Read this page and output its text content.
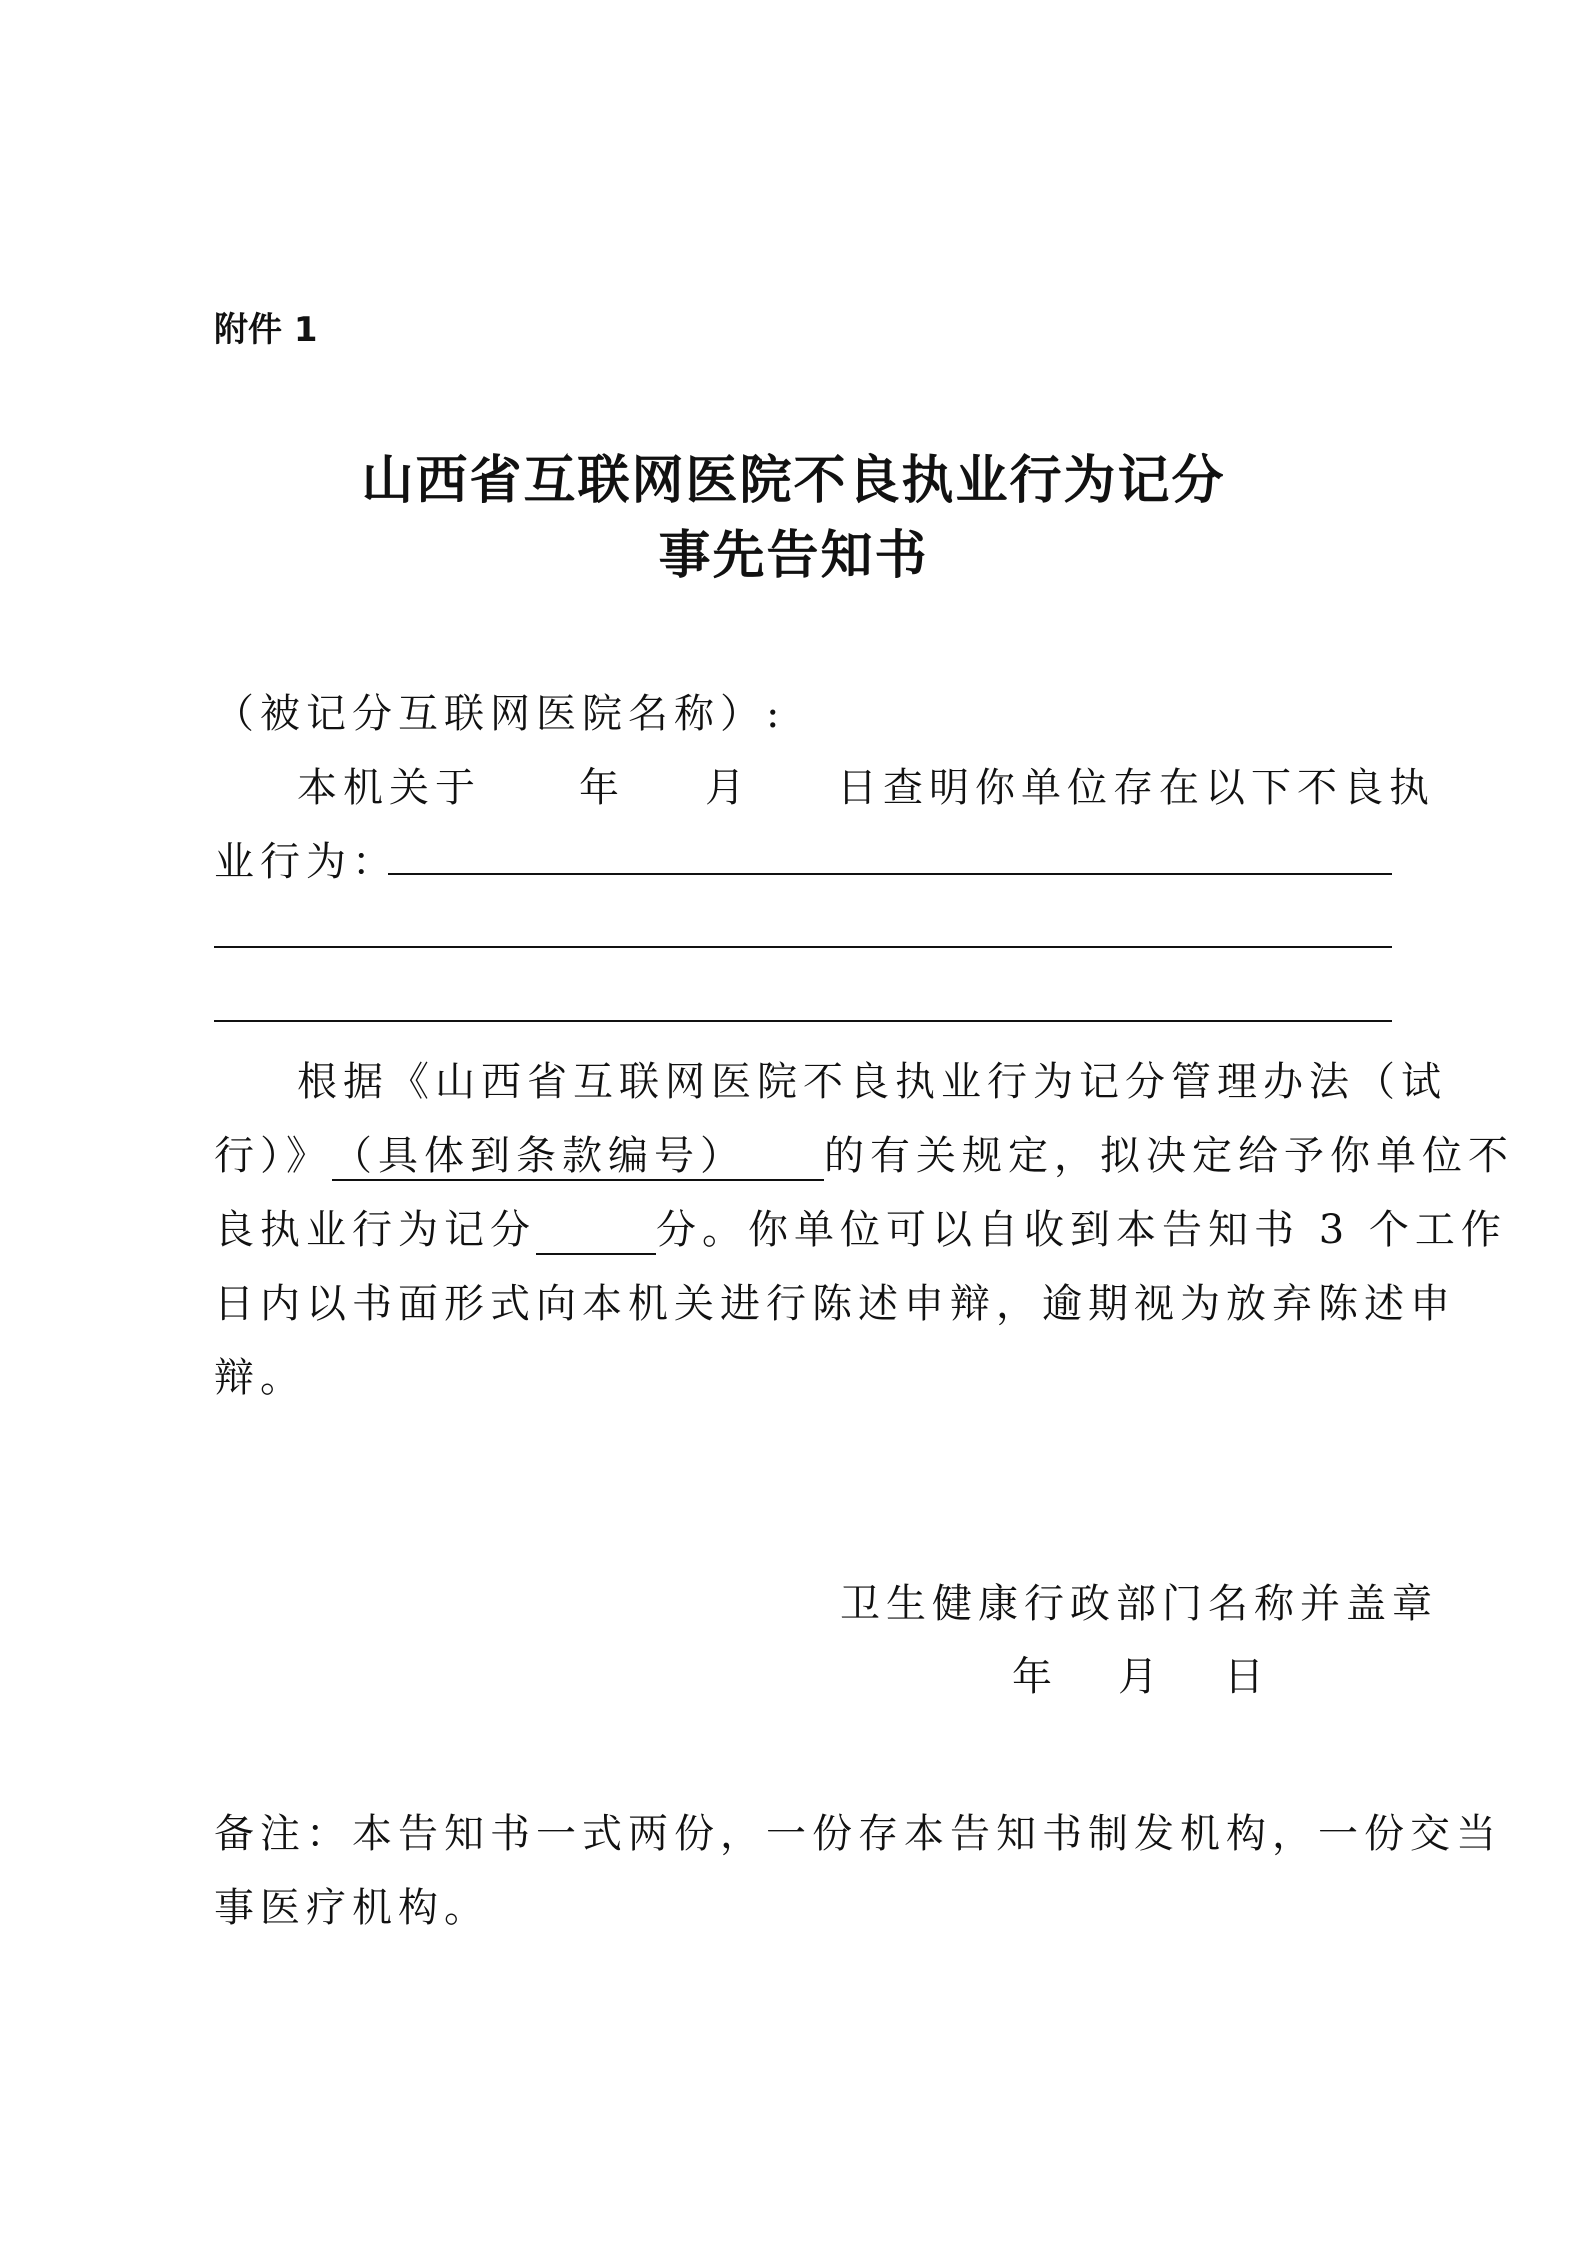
附件 1
山西省互联网医院不良执业行为记分
事先告知书
（被记分互联网医院名称）:
本机关于 年 月 日查明你单位存在以下不良执
业行为：
根据《山西省互联网医院不良执业行为记分管理办法（试
行）》（具体到条款编号） 的有关规定，拟决定给予你单位不
良执业行为记分	分。你单位可以自收到本告知书 3 个工作
日内以书面形式向本机关进行陈述申辩，逾期视为放弃陈述申
辩。
卫生健康行政部门名称并盖章
年 月 日
备注：本告知书一式两份，一份存本告知书制发机构，一份交当
事医疗机构。
